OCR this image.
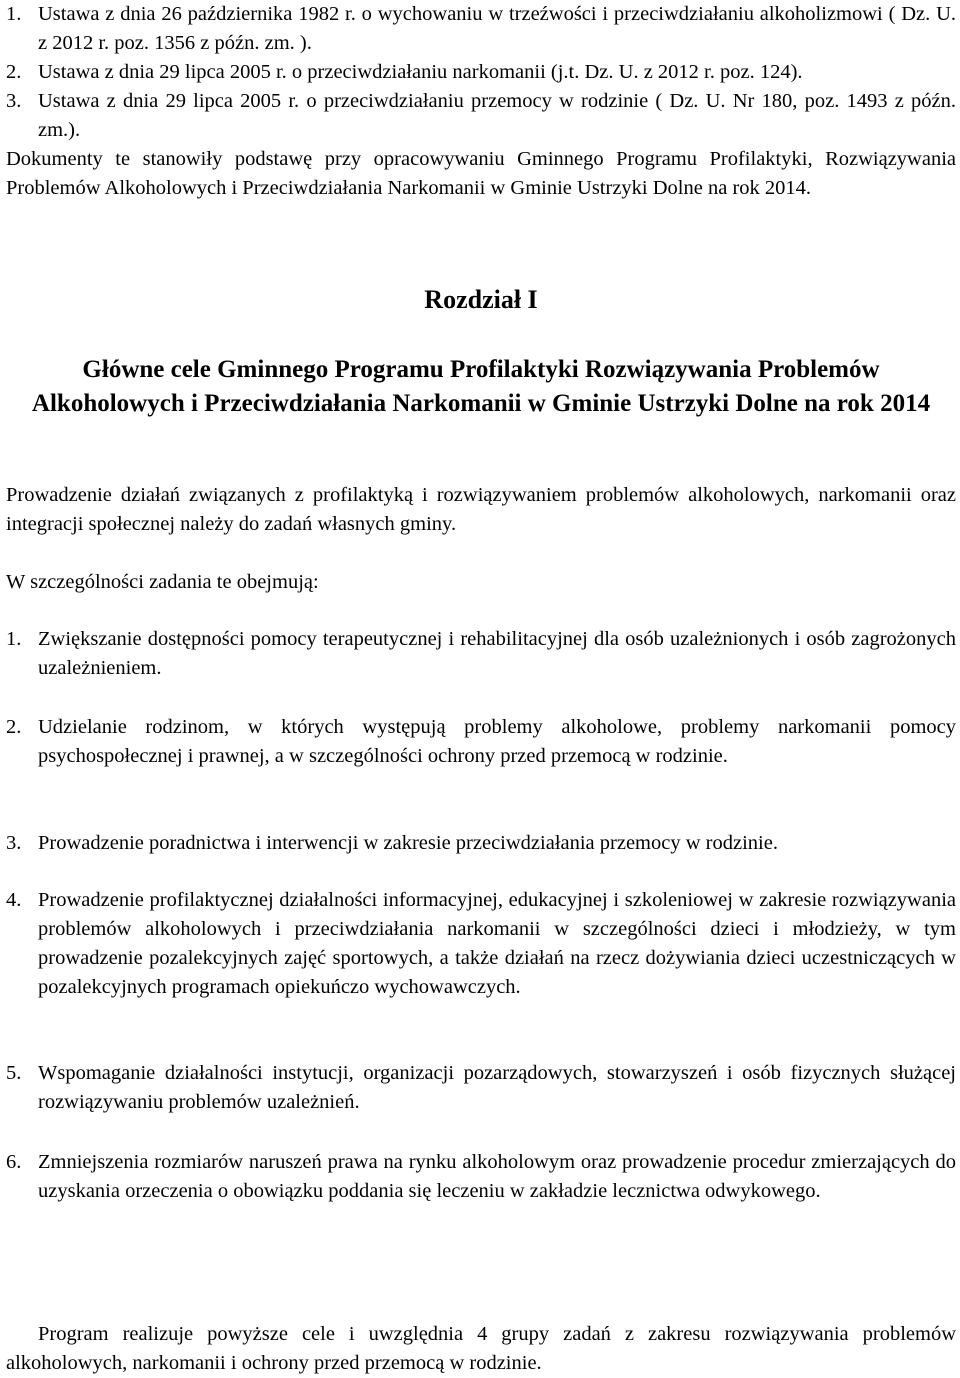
1. Ustawa z dnia 26 października 1982 r. o wychowaniu w trzeźwości i przeciwdziałaniu alkoholizmowi ( Dz. U. z 2012 r. poz. 1356 z późn. zm. ).
2. Ustawa z dnia 29 lipca 2005 r. o przeciwdziałaniu narkomanii (j.t. Dz. U. z 2012 r. poz. 124).
3. Ustawa z dnia 29 lipca 2005 r. o przeciwdziałaniu przemocy w rodzinie ( Dz. U. Nr 180, poz. 1493 z późn. zm.).

Dokumenty te stanowiły podstawę przy opracowywaniu Gminnego Programu Profilaktyki, Rozwiązywania Problemów Alkoholowych i Przeciwdziałania Narkomanii w Gminie Ustrzyki Dolne na rok 2014.

Rozdział I
Główne cele Gminnego Programu Profilaktyki Rozwiązywania Problemów Alkoholowych i Przeciwdziałania Narkomanii w Gminie Ustrzyki Dolne na rok 2014

Prowadzenie działań związanych z profilaktyką i rozwiązywaniem problemów alkoholowych, narkomanii oraz integracji społecznej należy do zadań własnych gminy.

W szczególności zadania te obejmują:

1. Zwiększanie dostępności pomocy terapeutycznej i rehabilitacyjnej dla osób uzależnionych i osób zagrożonych uzależnieniem.
2. Udzielanie rodzinom, w których występują problemy alkoholowe, problemy narkomanii pomocy psychospołecznej i prawnej, a w szczególności ochrony przed przemocą w rodzinie.
3. Prowadzenie poradnictwa i interwencji w zakresie przeciwdziałania przemocy w rodzinie.
4. Prowadzenie profilaktycznej działalności informacyjnej, edukacyjnej i szkoleniowej w zakresie rozwiązywania problemów alkoholowych i przeciwdziałania narkomanii w szczególności dzieci i młodzieży, w tym prowadzenie pozalekcyjnych zajęć sportowych, a także działań na rzecz dożywiania dzieci uczestniczących w pozalekcyjnych programach opiekuńczo wychowawczych.
5. Wspomaganie działalności instytucji, organizacji pozarządowych, stowarzyszeń i osób fizycznych służącej rozwiązywaniu problemów uzależnień.
6. Zmniejszenia rozmiarów naruszeń prawa na rynku alkoholowym oraz prowadzenie procedur zmierzających do uzyskania orzeczenia o obowiązku poddania się leczeniu w zakładzie lecznictwa odwykowego.

Program realizuje powyższe cele i uwzględnia 4 grupy zadań z zakresu rozwiązywania problemów alkoholowych, narkomanii i ochrony przed przemocą w rodzinie.
